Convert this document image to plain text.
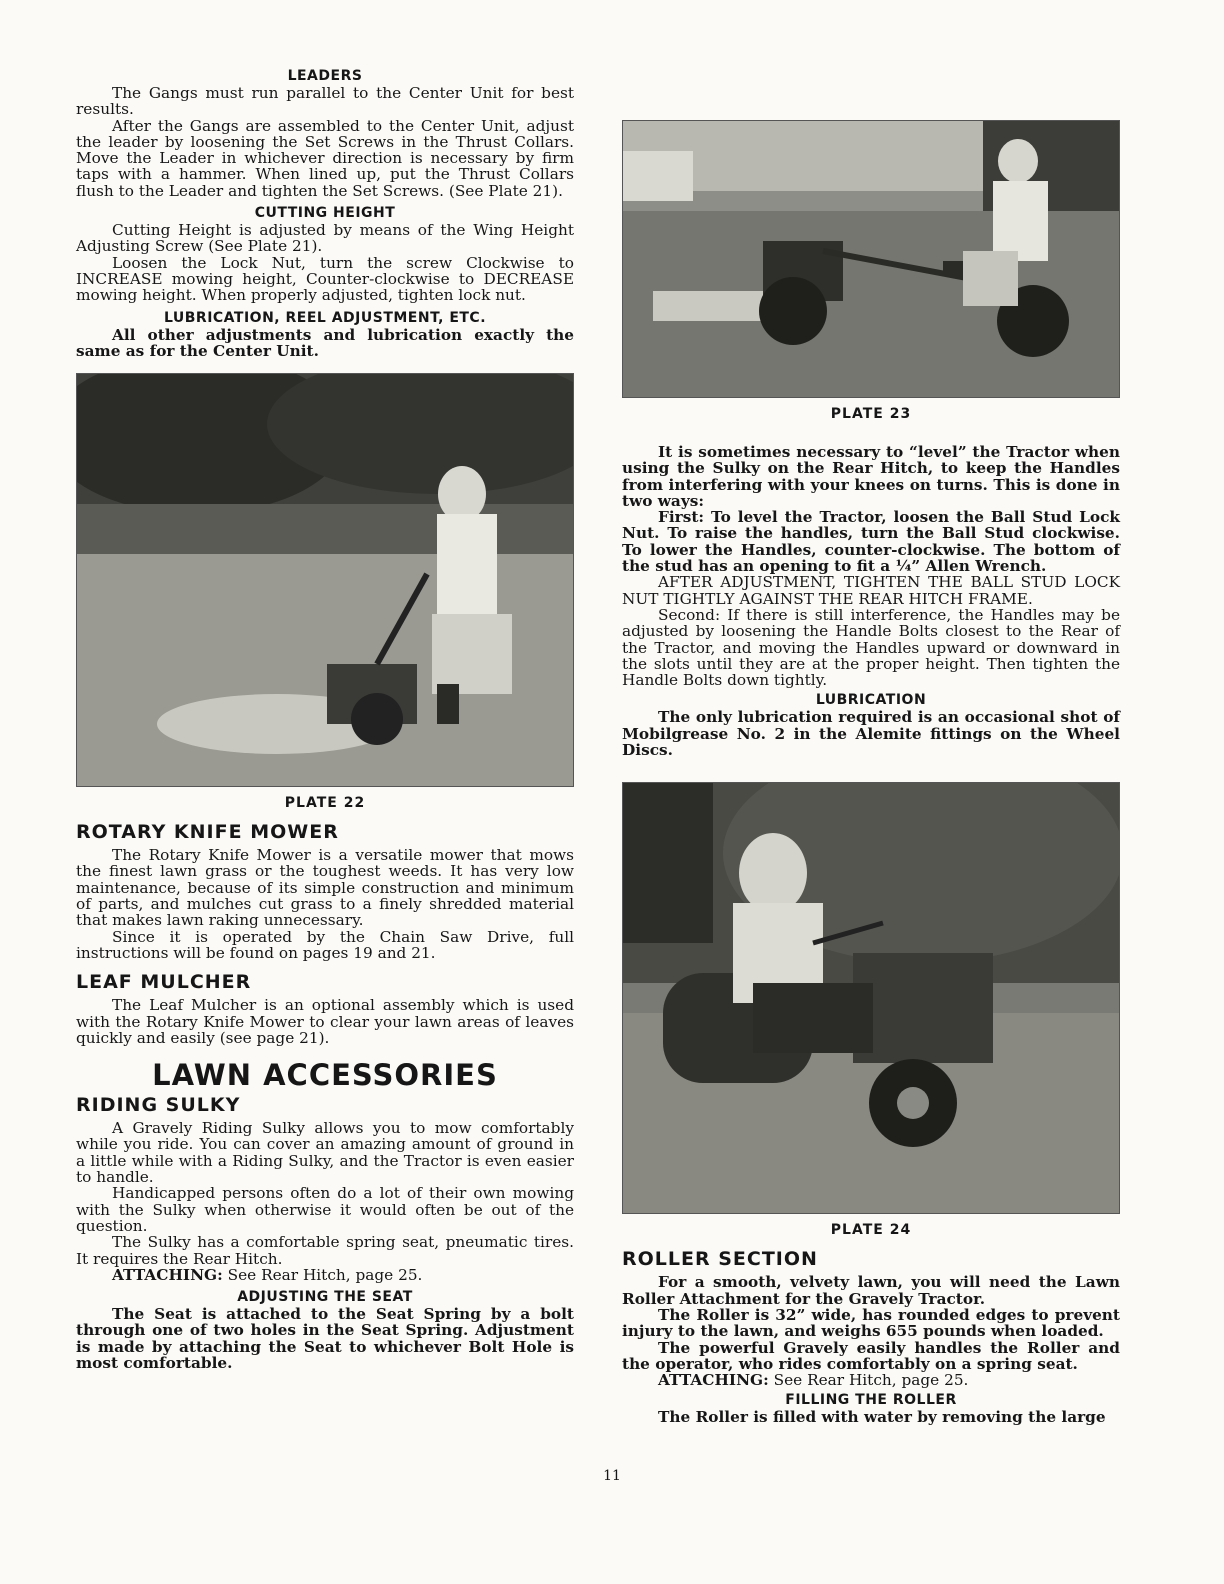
LEADERS

The Gangs must run parallel to the Center Unit for best results.

After the Gangs are assembled to the Center Unit, adjust the leader by loosening the Set Screws in the Thrust Collars. Move the Leader in whichever direction is necessary by firm taps with a hammer. When lined up, put the Thrust Collars flush to the Leader and tighten the Set Screws. (See Plate 21).

CUTTING HEIGHT

Cutting Height is adjusted by means of the Wing Height Adjusting Screw (See Plate 21).

Loosen the Lock Nut, turn the screw Clockwise to INCREASE mowing height, Counter-clockwise to DECREASE mowing height. When properly adjusted, tighten lock nut.

LUBRICATION, REEL ADJUSTMENT, ETC.

All other adjustments and lubrication exactly the same as for the Center Unit.

PLATE 22
ROTARY KNIFE MOWER

The Rotary Knife Mower is a versatile mower that mows the finest lawn grass or the toughest weeds. It has very low maintenance, because of its simple construction and minimum of parts, and mulches cut grass to a finely shredded material that makes lawn raking unnecessary.

Since it is operated by the Chain Saw Drive, full instructions will be found on pages 19 and 21.

LEAF MULCHER

The Leaf Mulcher is an optional assembly which is used with the Rotary Knife Mower to clear your lawn areas of leaves quickly and easily (see page 21).

LAWN ACCESSORIES
RIDING SULKY

A Gravely Riding Sulky allows you to mow comfortably while you ride. You can cover an amazing amount of ground in a little while with a Riding Sulky, and the Tractor is even easier to handle.

Handicapped persons often do a lot of their own mowing with the Sulky when otherwise it would often be out of the question.

The Sulky has a comfortable spring seat, pneumatic tires. It requires the Rear Hitch.

ATTACHING: See Rear Hitch, page 25.

ADJUSTING THE SEAT

The Seat is attached to the Seat Spring by a bolt through one of two holes in the Seat Spring. Adjustment is made by attaching the Seat to whichever Bolt Hole is most comfortable.

PLATE 23

It is sometimes necessary to “level” the Tractor when using the Sulky on the Rear Hitch, to keep the Handles from interfering with your knees on turns. This is done in two ways:

First: To level the Tractor, loosen the Ball Stud Lock Nut. To raise the handles, turn the Ball Stud clockwise. To lower the Handles, counter-clockwise. The bottom of the stud has an opening to fit a ¼” Allen Wrench.

AFTER ADJUSTMENT, TIGHTEN THE BALL STUD LOCK NUT TIGHTLY AGAINST THE REAR HITCH FRAME.

Second: If there is still interference, the Handles may be adjusted by loosening the Handle Bolts closest to the Rear of the Tractor, and moving the Handles upward or downward in the slots until they are at the proper height. Then tighten the Handle Bolts down tightly.

LUBRICATION

The only lubrication required is an occasional shot of Mobilgrease No. 2 in the Alemite fittings on the Wheel Discs.

PLATE 24
ROLLER SECTION

For a smooth, velvety lawn, you will need the Lawn Roller Attachment for the Gravely Tractor.

The Roller is 32” wide, has rounded edges to prevent injury to the lawn, and weighs 655 pounds when loaded.

The powerful Gravely easily handles the Roller and the operator, who rides comfortably on a spring seat.

ATTACHING: See Rear Hitch, page 25.

FILLING THE ROLLER

The Roller is filled with water by removing the large

11
